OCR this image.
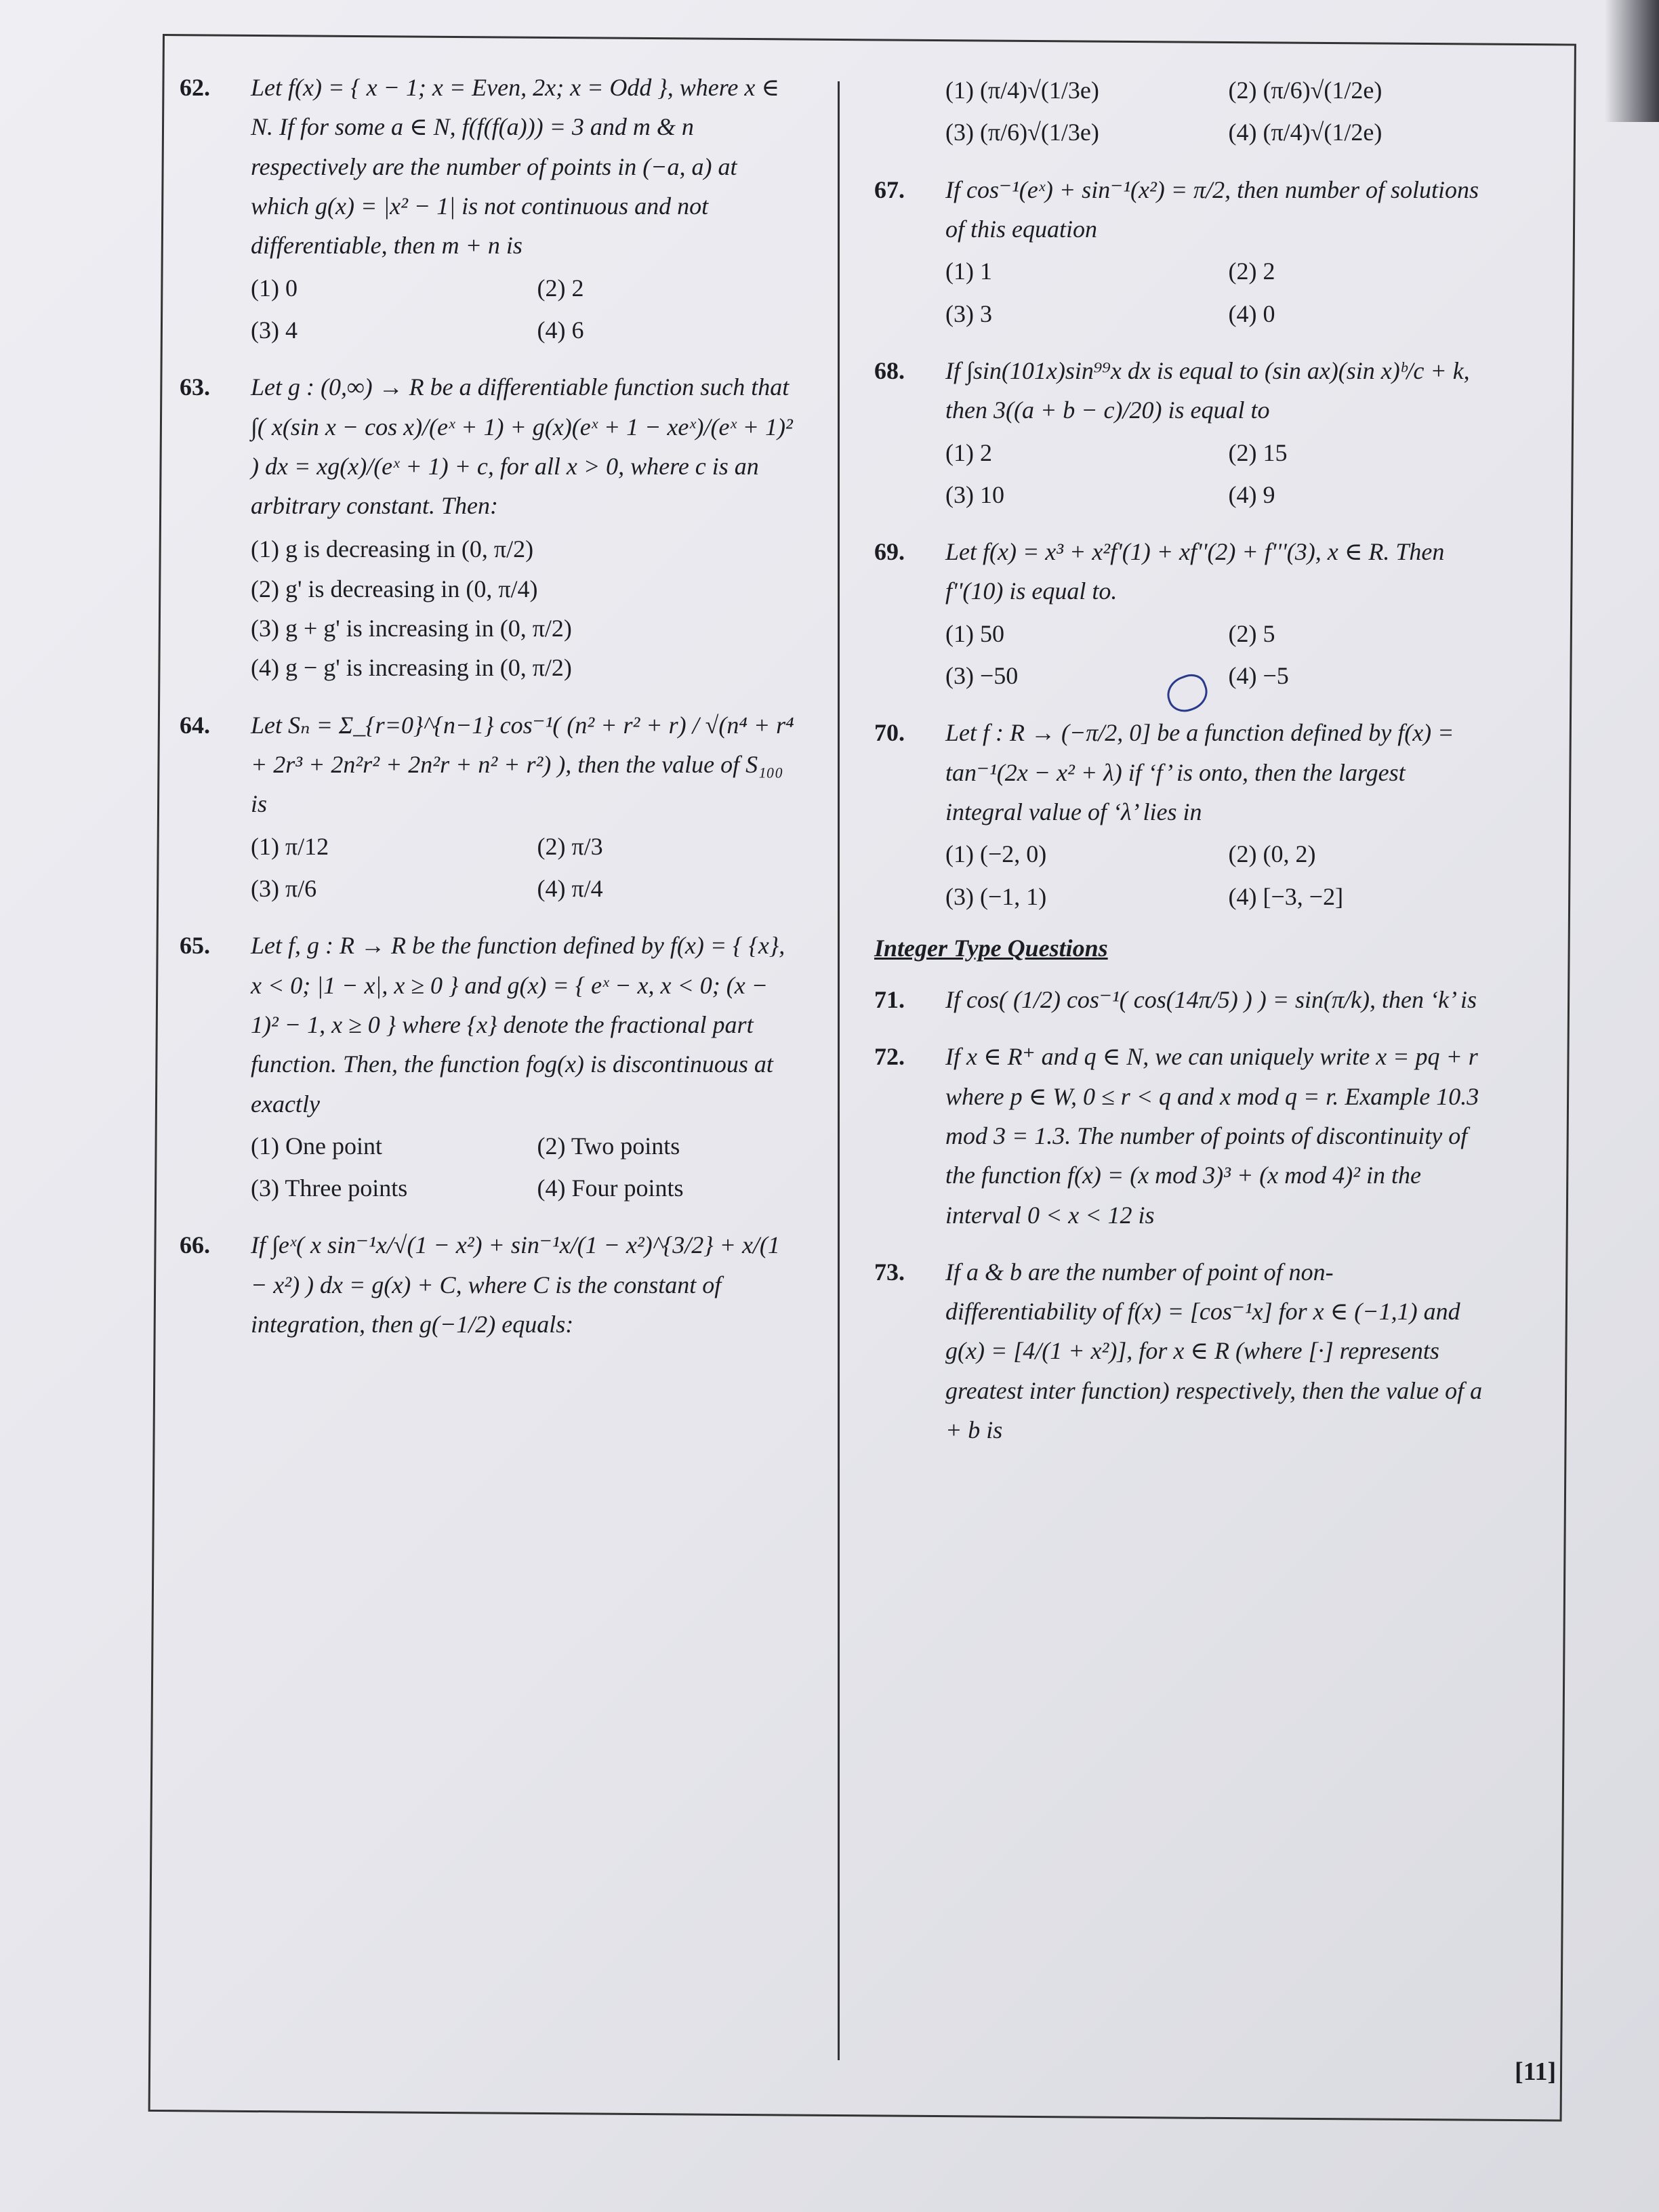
62. Let f(x) = { x − 1; x = Even, 2x; x = Odd }, where x ∈ N. If for some a ∈ N, f(f(f(a))) = 3 and m & n respectively are the number of points in (−a, a) at which g(x) = |x² − 1| is not continuous and not differentiable, then m + n is
(1) 0	(2) 2
(3) 4	(4) 6
63. Let g : (0,∞) → R be a differentiable function such that ∫( x(sin x − cos x)/(eˣ + 1) + g(x)(eˣ + 1 − xeˣ)/(eˣ + 1)² ) dx = xg(x)/(eˣ + 1) + c, for all x > 0, where c is an arbitrary constant. Then:
(1) g is decreasing in (0, π/2)
(2) g' is decreasing in (0, π/4)
(3) g + g' is increasing in (0, π/2)
(4) g − g' is increasing in (0, π/2)
64. Let Sₙ = Σ_{r=0}^{n−1} cos⁻¹( (n² + r² + r) / √(n⁴ + r⁴ + 2r³ + 2n²r² + 2n²r + n² + r²) ), then the value of S₁₀₀ is
(1) π/12	(2) π/3
(3) π/6	(4) π/4
65. Let f, g : R → R be the function defined by f(x) = { {x}, x < 0; |1 − x|, x ≥ 0 } and g(x) = { eˣ − x, x < 0; (x − 1)² − 1, x ≥ 0 } where {x} denote the fractional part function. Then, the function fog(x) is discontinuous at exactly
(1) One point	(2) Two points
(3) Three points	(4) Four points
66. If ∫eˣ( x sin⁻¹x/√(1 − x²) + sin⁻¹x/(1 − x²)^{3/2} + x/(1 − x²) ) dx = g(x) + C, where C is the constant of integration, then g(−1/2) equals:
(1) (π/4)√(1/3e)	(2) (π/6)√(1/2e)
(3) (π/6)√(1/3e)	(4) (π/4)√(1/2e)
67. If cos⁻¹(eˣ) + sin⁻¹(x²) = π/2, then number of solutions of this equation
(1) 1	(2) 2
(3) 3	(4) 0
68. If ∫sin(101x)sin⁹⁹x dx is equal to (sin ax)(sin x)ᵇ/c + k, then 3((a + b − c)/20) is equal to
(1) 2	(2) 15
(3) 10	(4) 9
69. Let f(x) = x³ + x²f'(1) + xf''(2) + f'''(3), x ∈ R. Then f''(10) is equal to.
(1) 50	(2) 5
(3) −50	(4) −5
70. Let f : R → (−π/2, 0] be a function defined by f(x) = tan⁻¹(2x − x² + λ) if ‘f’ is onto, then the largest integral value of ‘λ’ lies in
(1) (−2, 0)	(2) (0, 2)
(3) (−1, 1)	(4) [−3, −2]
Integer Type Questions
71. If cos( (1/2) cos⁻¹( cos(14π/5) ) ) = sin(π/k), then ‘k’ is
72. If x ∈ R⁺ and q ∈ N, we can uniquely write x = pq + r where p ∈ W, 0 ≤ r < q and x mod q = r. Example 10.3 mod 3 = 1.3. The number of points of discontinuity of the function f(x) = (x mod 3)³ + (x mod 4)² in the interval 0 < x < 12 is
73. If a & b are the number of point of non-differentiability of f(x) = [cos⁻¹x] for x ∈ (−1,1) and g(x) = [4/(1 + x²)], for x ∈ R (where [·] represents greatest inter function) respectively, then the value of a + b is
[11]
